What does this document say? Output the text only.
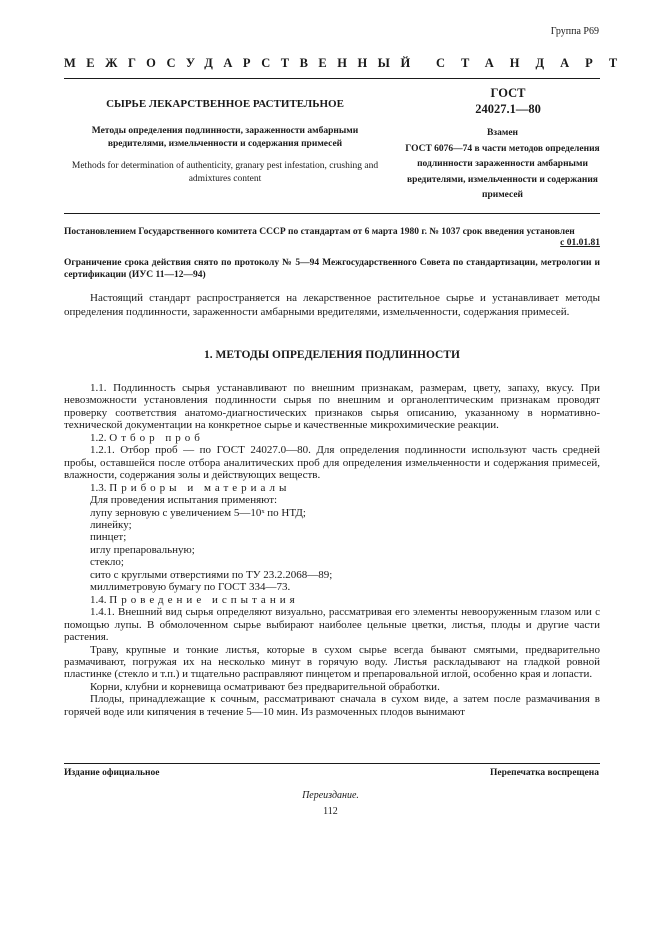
Группа Р69
МЕЖГОСУДАРСТВЕННЫЙ СТАНДАРТ
СЫРЬЕ ЛЕКАРСТВЕННОЕ РАСТИТЕЛЬНОЕ
Методы определения подлинности, зараженности амбарными вредителями, измельченности и содержания примесей
Methods for determination of authenticity, granary pest infestation, crushing and admixtures content
ГОСТ
24027.1—80
Взамен
ГОСТ 6076—74 в части методов определения подлинности зараженности амбарными вредителями, измельченности и содержания примесей
Постановлением Государственного комитета СССР по стандартам от 6 марта 1980 г. № 1037 срок введения установлен
с 01.01.81
Ограничение срока действия снято по протоколу № 5—94 Межгосударственного Совета по стандартизации, метрологии и сертификации (ИУС 11—12—94)
Настоящий стандарт распространяется на лекарственное растительное сырье и устанавливает методы определения подлинности, зараженности амбарными вредителями, измельченности, содержания примесей.
1. МЕТОДЫ ОПРЕДЕЛЕНИЯ ПОДЛИННОСТИ

1.1. Подлинность сырья устанавливают по внешним признакам, размерам, цвету, запаху, вкусу. При невозможности установления подлинности сырья по внешним и органолептическим признакам проводят проверку соответствия анатомо-диагностических признаков сырья описанию, указанному в нормативно-технической документации на конкретное сырье и качественные микрохимические реакции.

1.2. Отбор проб

1.2.1. Отбор проб — по ГОСТ 24027.0—80. Для определения подлинности используют часть средней пробы, оставшейся после отбора аналитических проб для определения измельченности и содержания примесей, влажности, содержания золы и действующих веществ.

1.3. Приборы и материалы

Для проведения испытания применяют:

лупу зерновую с увеличением 5—10ˣ по НТД;

линейку;

пинцет;

иглу препаровальную;

стекло;

сито с круглыми отверстиями по ТУ 23.2.2068—89;

миллиметровую бумагу по ГОСТ 334—73.

1.4. Проведение испытания

1.4.1. Внешний вид сырья определяют визуально, рассматривая его элементы невооруженным глазом или с помощью лупы. В обмолоченном сырье выбирают наиболее цельные цветки, листья, плоды и другие части растения.

Траву, крупные и тонкие листья, которые в сухом сырье всегда бывают смятыми, предварительно размачивают, погружая их на несколько минут в горячую воду. Листья раскладывают на гладкой ровной пластинке (стекло и т.п.) и тщательно расправляют пинцетом и препаровальной иглой, особенно края и лопасти.

Корни, клубни и корневища осматривают без предварительной обработки.

Плоды, принадлежащие к сочным, рассматривают сначала в сухом виде, а затем после размачивания в горячей воде или кипячения в течение 5—10 мин. Из размоченных плодов вынимают

Издание официальное	Перепечатка воспрещена
Переиздание.
112
